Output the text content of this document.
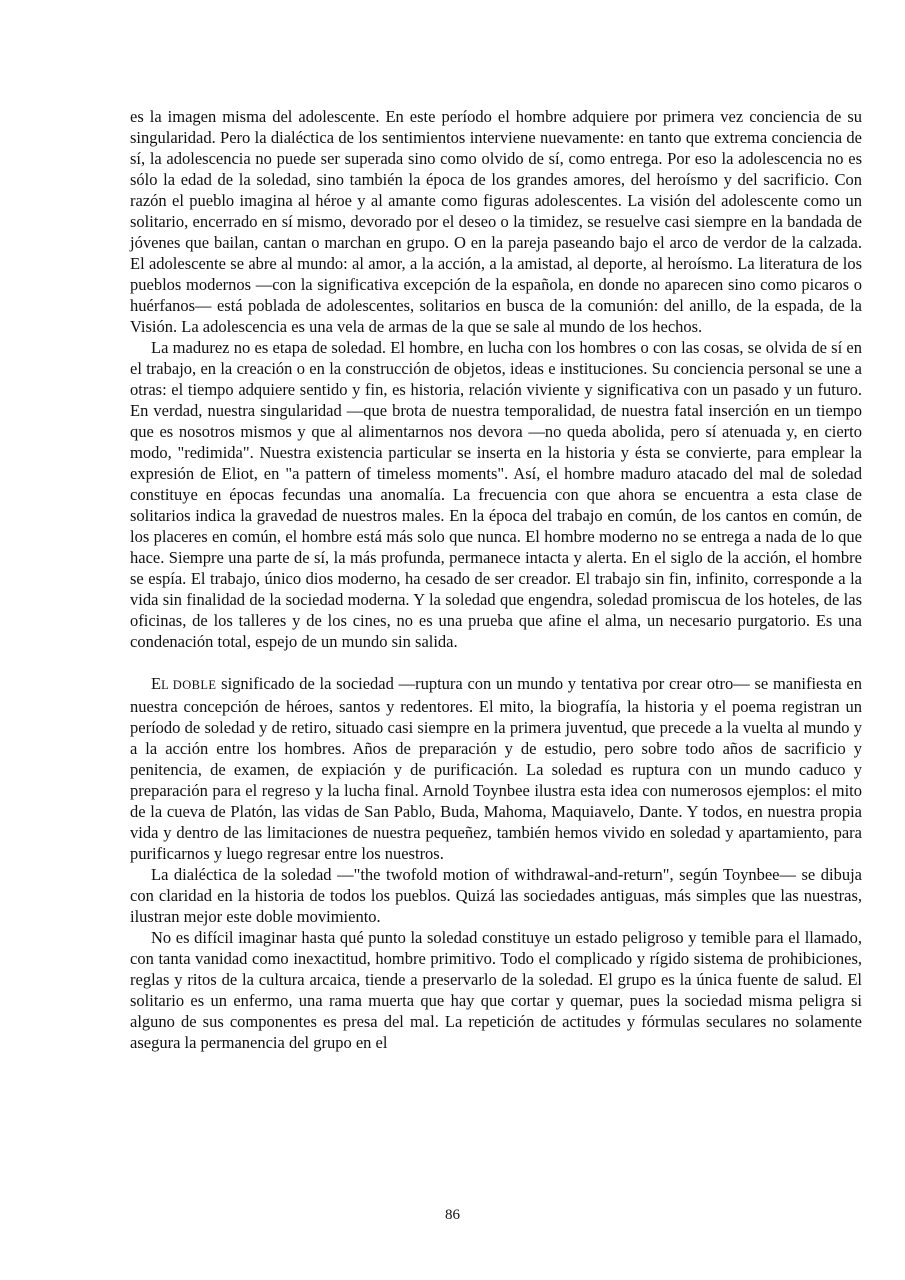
es la imagen misma del adolescente. En este período el hombre adquiere por primera vez conciencia de su singularidad. Pero la dialéctica de los sentimientos interviene nuevamente: en tanto que extrema conciencia de sí, la adolescencia no puede ser superada sino como olvido de sí, como entrega. Por eso la adolescencia no es sólo la edad de la soledad, sino también la época de los grandes amores, del heroísmo y del sacrificio. Con razón el pueblo imagina al héroe y al amante como figuras adolescentes. La visión del adolescente como un solitario, encerrado en sí mismo, devorado por el deseo o la timidez, se resuelve casi siempre en la bandada de jóvenes que bailan, cantan o marchan en grupo. O en la pareja paseando bajo el arco de verdor de la calzada. El adolescente se abre al mundo: al amor, a la acción, a la amistad, al deporte, al heroísmo. La literatura de los pueblos modernos —con la significativa excepción de la española, en donde no aparecen sino como picaros o huérfanos— está poblada de adolescentes, solitarios en busca de la comunión: del anillo, de la espada, de la Visión. La adolescencia es una vela de armas de la que se sale al mundo de los hechos.

La madurez no es etapa de soledad. El hombre, en lucha con los hombres o con las cosas, se olvida de sí en el trabajo, en la creación o en la construcción de objetos, ideas e instituciones. Su conciencia personal se une a otras: el tiempo adquiere sentido y fin, es historia, relación viviente y significativa con un pasado y un futuro. En verdad, nuestra singularidad —que brota de nuestra temporalidad, de nuestra fatal inserción en un tiempo que es nosotros mismos y que al alimentarnos nos devora —no queda abolida, pero sí atenuada y, en cierto modo, "redimida". Nuestra existencia particular se inserta en la historia y ésta se convierte, para emplear la expresión de Eliot, en "a pattern of timeless moments". Así, el hombre maduro atacado del mal de soledad constituye en épocas fecundas una anomalía. La frecuencia con que ahora se encuentra a esta clase de solitarios indica la gravedad de nuestros males. En la época del trabajo en común, de los cantos en común, de los placeres en común, el hombre está más solo que nunca. El hombre moderno no se entrega a nada de lo que hace. Siempre una parte de sí, la más profunda, permanece intacta y alerta. En el siglo de la acción, el hombre se espía. El trabajo, único dios moderno, ha cesado de ser creador. El trabajo sin fin, infinito, corresponde a la vida sin finalidad de la sociedad moderna. Y la soledad que engendra, soledad promiscua de los hoteles, de las oficinas, de los talleres y de los cines, no es una prueba que afine el alma, un necesario purgatorio. Es una condenación total, espejo de un mundo sin salida.

EL DOBLE significado de la sociedad —ruptura con un mundo y tentativa por crear otro— se manifiesta en nuestra concepción de héroes, santos y redentores. El mito, la biografía, la historia y el poema registran un período de soledad y de retiro, situado casi siempre en la primera juventud, que precede a la vuelta al mundo y a la acción entre los hombres. Años de preparación y de estudio, pero sobre todo años de sacrificio y penitencia, de examen, de expiación y de purificación. La soledad es ruptura con un mundo caduco y preparación para el regreso y la lucha final. Arnold Toynbee ilustra esta idea con numerosos ejemplos: el mito de la cueva de Platón, las vidas de San Pablo, Buda, Mahoma, Maquiavelo, Dante. Y todos, en nuestra propia vida y dentro de las limitaciones de nuestra pequeñez, también hemos vivido en soledad y apartamiento, para purificarnos y luego regresar entre los nuestros.

La dialéctica de la soledad —"the twofold motion of withdrawal-and-return", según Toynbee— se dibuja con claridad en la historia de todos los pueblos. Quizá las sociedades antiguas, más simples que las nuestras, ilustran mejor este doble movimiento.

No es difícil imaginar hasta qué punto la soledad constituye un estado peligroso y temible para el llamado, con tanta vanidad como inexactitud, hombre primitivo. Todo el complicado y rígido sistema de prohibiciones, reglas y ritos de la cultura arcaica, tiende a preservarlo de la soledad. El grupo es la única fuente de salud. El solitario es un enfermo, una rama muerta que hay que cortar y quemar, pues la sociedad misma peligra si alguno de sus componentes es presa del mal. La repetición de actitudes y fórmulas seculares no solamente asegura la permanencia del grupo en el

86
